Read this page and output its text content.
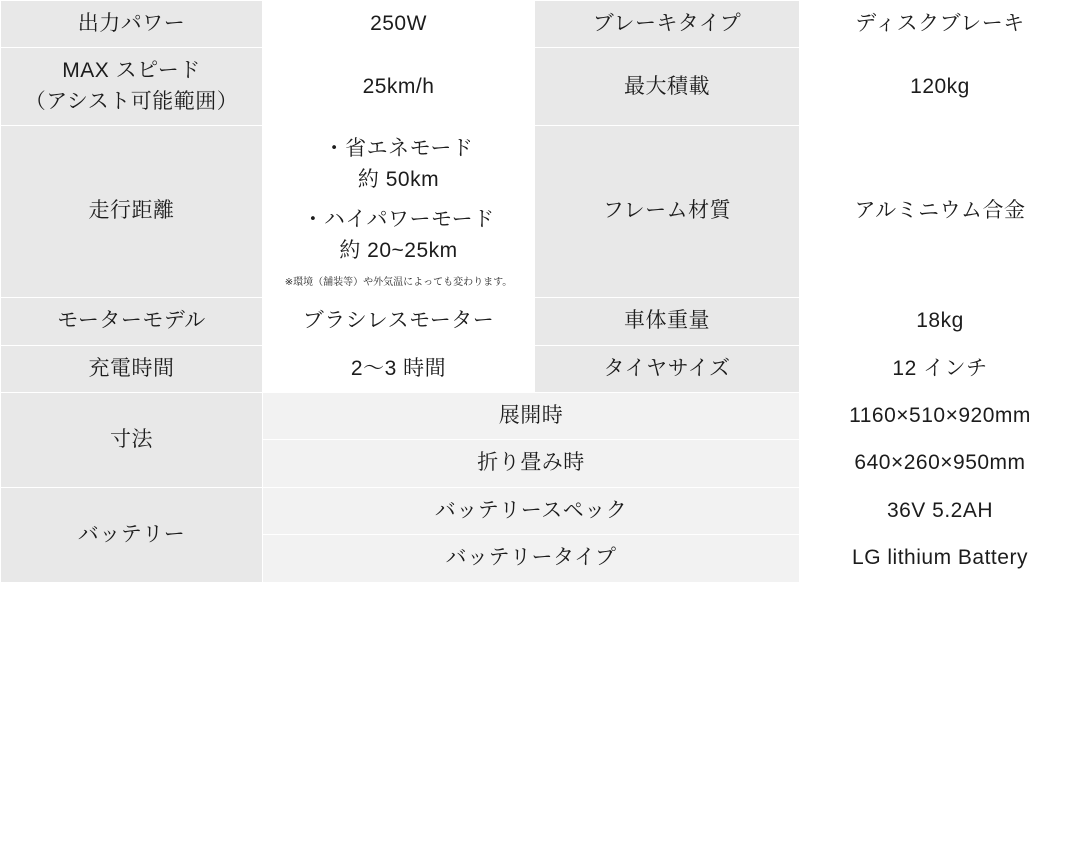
出力パワー	250W	ブレーキタイプ	ディスクブレーキ

MAX スピード
（アシスト可能範囲）	25km/h	最大積載	120kg
走行距離	・省エネモード
約 50km
・ハイパワーモード
約 20~25km
※環境（舗装等）や外気温によっても変わります。	フレーム材質	アルミニウム合金
モーターモデル	ブラシレスモーター	車体重量	18kg
充電時間	2〜3 時間	タイヤサイズ	12 インチ
寸法	展開時		1160×510×920mm
	折り畳み時		640×260×950mm
バッテリー	バッテリースペック		36V 5.2AH
	バッテリータイプ		LG lithium Battery
